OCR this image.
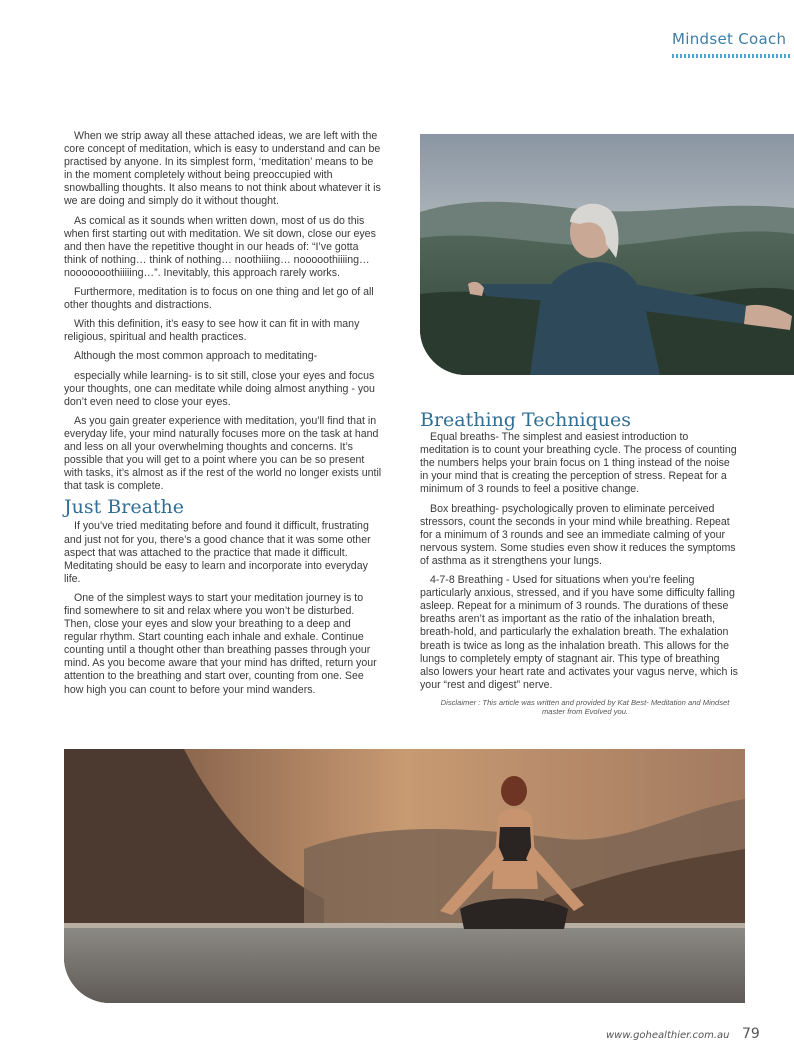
Mindset Coach

When we strip away all these attached ideas, we are left with the core concept of meditation, which is easy to understand and can be practised by anyone. In its simplest form, ‘meditation’ means to be in the moment completely without being preoccupied with snowballing thoughts. It also means to not think about whatever it is we are doing and simply do it without thought.

As comical as it sounds when written down, most of us do this when first starting out with meditation. We sit down, close our eyes and then have the repetitive thought in our heads of: “I’ve gotta think of nothing… think of nothing… noothiiing… nooooothiiiing… nooooooothiiiiing…”. Inevitably, this approach rarely works.

Furthermore, meditation is to focus on one thing and let go of all other thoughts and distractions.

With this definition, it’s easy to see how it can fit in with many religious, spiritual and health practices.

Although the most common approach to meditating-

especially while learning- is to sit still, close your eyes and focus your thoughts, one can meditate while doing almost anything - you don’t even need to close your eyes.

As you gain greater experience with meditation, you’ll find that in everyday life, your mind naturally focuses more on the task at hand and less on all your overwhelming thoughts and concerns. It’s possible that you will get to a point where you can be so present with tasks, it’s almost as if the rest of the world no longer exists until that task is complete.

Just Breathe

If you’ve tried meditating before and found it difficult, frustrating and just not for you, there’s a good chance that it was some other aspect that was attached to the practice that made it difficult. Meditating should be easy to learn and incorporate into everyday life.

One of the simplest ways to start your meditation journey is to find somewhere to sit and relax where you won’t be disturbed. Then, close your eyes and slow your breathing to a deep and regular rhythm. Start counting each inhale and exhale. Continue counting until a thought other than breathing passes through your mind. As you become aware that your mind has drifted, return your attention to the breathing and start over, counting from one. See how high you can count to before your mind wanders.

Breathing Techniques

Equal breaths- The simplest and easiest introduction to meditation is to count your breathing cycle. The process of counting the numbers helps your brain focus on 1 thing instead of the noise in your mind that is creating the perception of stress. Repeat for a minimum of 3 rounds to feel a positive change.

Box breathing- psychologically proven to eliminate perceived stressors, count the seconds in your mind while breathing. Repeat for a minimum of 3 rounds and see an immediate calming of your nervous system. Some studies even show it reduces the symptoms of asthma as it strengthens your lungs.

4-7-8 Breathing - Used for situations when you’re feeling particularly anxious, stressed, and if you have some difficulty falling asleep. Repeat for a minimum of 3 rounds. The durations of these breaths aren’t as important as the ratio of the inhalation breath, breath-hold, and particularly the exhalation breath. The exhalation breath is twice as long as the inhalation breath. This allows for the lungs to completely empty of stagnant air. This type of breathing also lowers your heart rate and activates your vagus nerve, which is your “rest and digest” nerve.

Disclaimer : This article was written and provided by Kat Best- Meditation and Mindset master from Evolved you.
www.gohealthier.com.au 79
